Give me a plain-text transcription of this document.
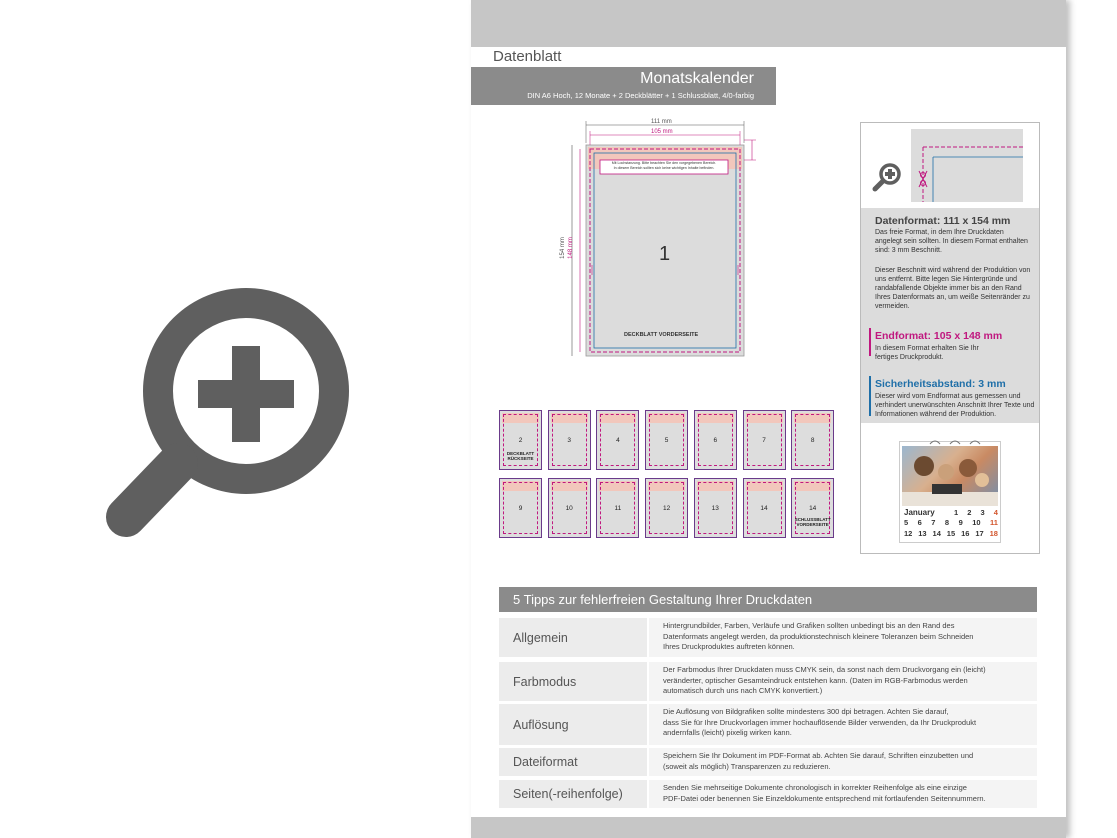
Datenblatt
Monatskalender
DIN A6 Hoch, 12 Monate + 2 Deckblätter + 1 Schlussblatt, 4/0-farbig
111 mm
105 mm
154 mm 148 mm
Mit Lochstanzung. Bitte beachten Sie den vorgegebenen Bereich.
In diesem Bereich sollten sich keine wichtigen Inhalte befinden.
1
DECKBLATT VORDERSEITE
2
DECKBLATT RÜCKSEITE
3	4	5	6	7	8
9	10	11	12	13	14	14
SCHLUSSBLATT VORDERSEITE
Datenformat: 111 x 154 mm
Das freie Format, in dem Ihre Druckdaten angelegt sein sollten. In diesem Format enthalten sind: 3 mm Beschnitt.
Dieser Beschnitt wird während der Produktion von uns entfernt. Bitte legen Sie Hintergründe und randabfallende Objekte immer bis an den Rand Ihres Datenformats an, um weiße Seitenränder zu vermeiden.
Endformat: 105 x 148 mm
In diesem Format erhalten Sie Ihr fertiges Druckprodukt.
Sicherheitsabstand: 3 mm
Dieser wird vom Endformat aus gemessen und verhindert unerwünschten Anschnitt Ihrer Texte und Informationen während der Produktion.
January	1 2 3 4
5 6 7 8 9 10 11
12 13 14 15 16 17 18
5 Tipps zur fehlerfreien Gestaltung Ihrer Druckdaten
Allgemein
Hintergrundbilder, Farben, Verläufe und Grafiken sollten unbedingt bis an den Rand des
Datenformats angelegt werden, da produktionstechnisch kleinere Toleranzen beim Schneiden
Ihres Druckproduktes auftreten können.
Farbmodus
Der Farbmodus Ihrer Druckdaten muss CMYK sein, da sonst nach dem Druckvorgang ein (leicht)
veränderter, optischer Gesamteindruck entstehen kann. (Daten im RGB-Farbmodus werden
automatisch durch uns nach CMYK konvertiert.)
Auflösung
Die Auflösung von Bildgrafiken sollte mindestens 300 dpi betragen. Achten Sie darauf,
dass Sie für Ihre Druckvorlagen immer hochauflösende Bilder verwenden, da Ihr Druckprodukt
andernfalls (leicht) pixelig wirken kann.
Dateiformat	Speichern Sie Ihr Dokument im PDF-Format ab. Achten Sie darauf, Schriften einzubetten und
(soweit als möglich) Transparenzen zu reduzieren.
Seiten(-reihenfolge)	Senden Sie mehrseitige Dokumente chronologisch in korrekter Reihenfolge als eine einzige
PDF-Datei oder benennen Sie Einzeldokumente entsprechend mit fortlaufenden Seitennummern.
